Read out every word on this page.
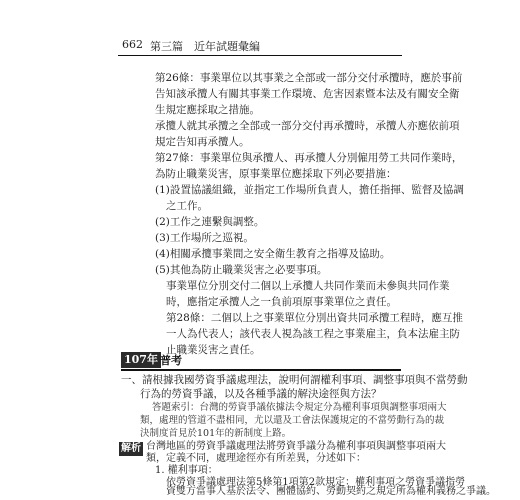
662 第三篇　近年試題彙編
第26條：事業單位以其事業之全部或一部分交付承攬時，應於事前
告知該承攬人有關其事業工作環境、危害因素暨本法及有關安全衛
生規定應採取之措施。
承攬人就其承攬之全部或一部分交付再承攬時，承攬人亦應依前項
規定告知再承攬人。
第27條：事業單位與承攬人、再承攬人分別僱用勞工共同作業時，
為防止職業災害，原事業單位應採取下列必要措施：
(1)設置協議組織，並指定工作場所負責人，擔任指揮、監督及協調
之工作。
(2)工作之連繫與調整。
(3)工作場所之巡視。
(4)相關承攬事業間之安全衛生教育之指導及協助。
(5)其他為防止職業災害之必要事項。
事業單位分別交付二個以上承攬人共同作業而未參與共同作業
時，應指定承攬人之一負前項原事業單位之責任。
第28條：二個以上之事業單位分別出資共同承攬工程時，應互推
一人為代表人；該代表人視為該工程之事業雇主，負本法雇主防
止職業災害之責任。
107年 普考
一、請根據我國勞資爭議處理法，說明何謂權利事項、調整事項與不當勞動
行為的勞資爭議，以及各種爭議的解決途徑與方法？
答題索引：台灣的勞資爭議依據法令規定分為權利事項與調整事項兩大
類，處理的管道不盡相同，尤以還及工會法保護規定的不當勞動行為的裁
決制度首見於101年的新制度上路。
解析 台灣地區的勞資爭議處理法將勞資爭議分為權利事項與調整事項兩大
類，定義不同，處理途徑亦有所差異，分述如下：
1. 權利事項：
依勞資爭議處理法第5條第1項第2款規定：權利事項之勞資爭議指勞
資雙方當事人基於法令、團體協約、勞動契約之規定所為權利義務之爭議。
